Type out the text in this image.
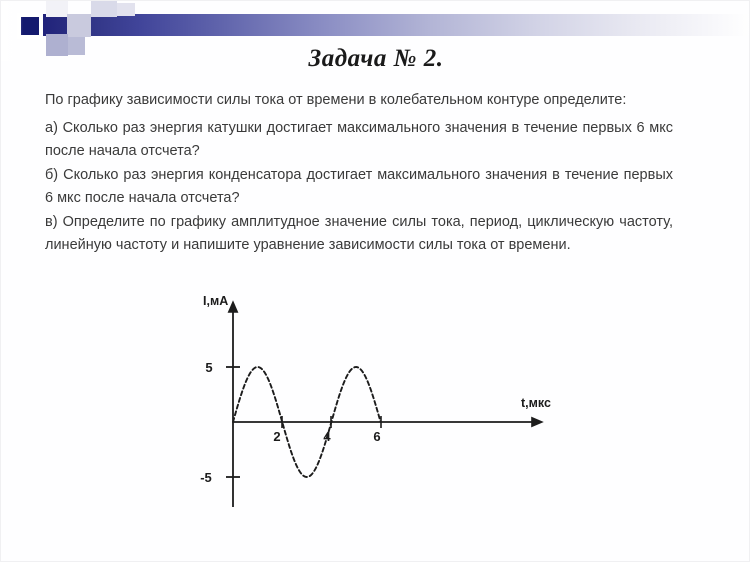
Задача № 2.

По графику зависимости силы тока от времени в колебательном контуре определите:

а) Сколько раз энергия катушки достигает максимального значения в течение первых 6 мкс после начала отсчета?

б) Сколько раз энергия конденсатора достигает максимального значения в течение первых 6 мкс после начала отсчета?

в) Определите по графику амплитудное значение силы тока, период, циклическую частоту, линейную частоту и напишите уравнение зависимости силы тока от времени.

I,мА
t,мкс
5
-5
2	4	6
